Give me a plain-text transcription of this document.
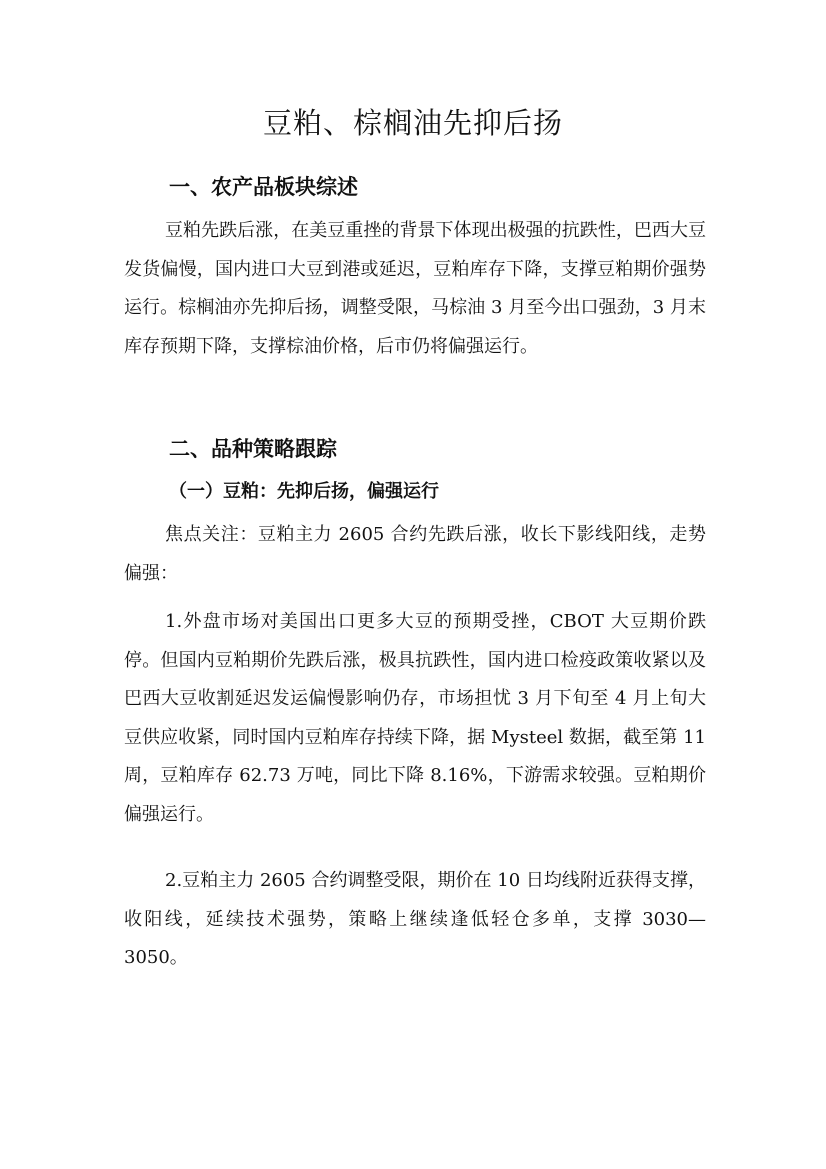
豆粕、棕榈油先抑后扬
一、农产品板块综述

豆粕先跌后涨，在美豆重挫的背景下体现出极强的抗跌性，巴西大豆发货偏慢，国内进口大豆到港或延迟，豆粕库存下降，支撑豆粕期价强势运行。棕榈油亦先抑后扬，调整受限，马棕油 3 月至今出口强劲，3 月末库存预期下降，支撑棕油价格，后市仍将偏强运行。

二、品种策略跟踪
（一）豆粕：先抑后扬，偏强运行

焦点关注：豆粕主力 2605 合约先跌后涨，收长下影线阳线，走势偏强：

1.外盘市场对美国出口更多大豆的预期受挫，CBOT 大豆期价跌停。但国内豆粕期价先跌后涨，极具抗跌性，国内进口检疫政策收紧以及巴西大豆收割延迟发运偏慢影响仍存，市场担忧 3 月下旬至 4 月上旬大豆供应收紧，同时国内豆粕库存持续下降，据 Mysteel 数据，截至第 11 周，豆粕库存 62.73 万吨，同比下降 8.16%，下游需求较强。豆粕期价偏强运行。

2.豆粕主力 2605 合约调整受限，期价在 10 日均线附近获得支撑，收阳线，延续技术强势，策略上继续逢低轻仓多单，支撑 3030—3050。
